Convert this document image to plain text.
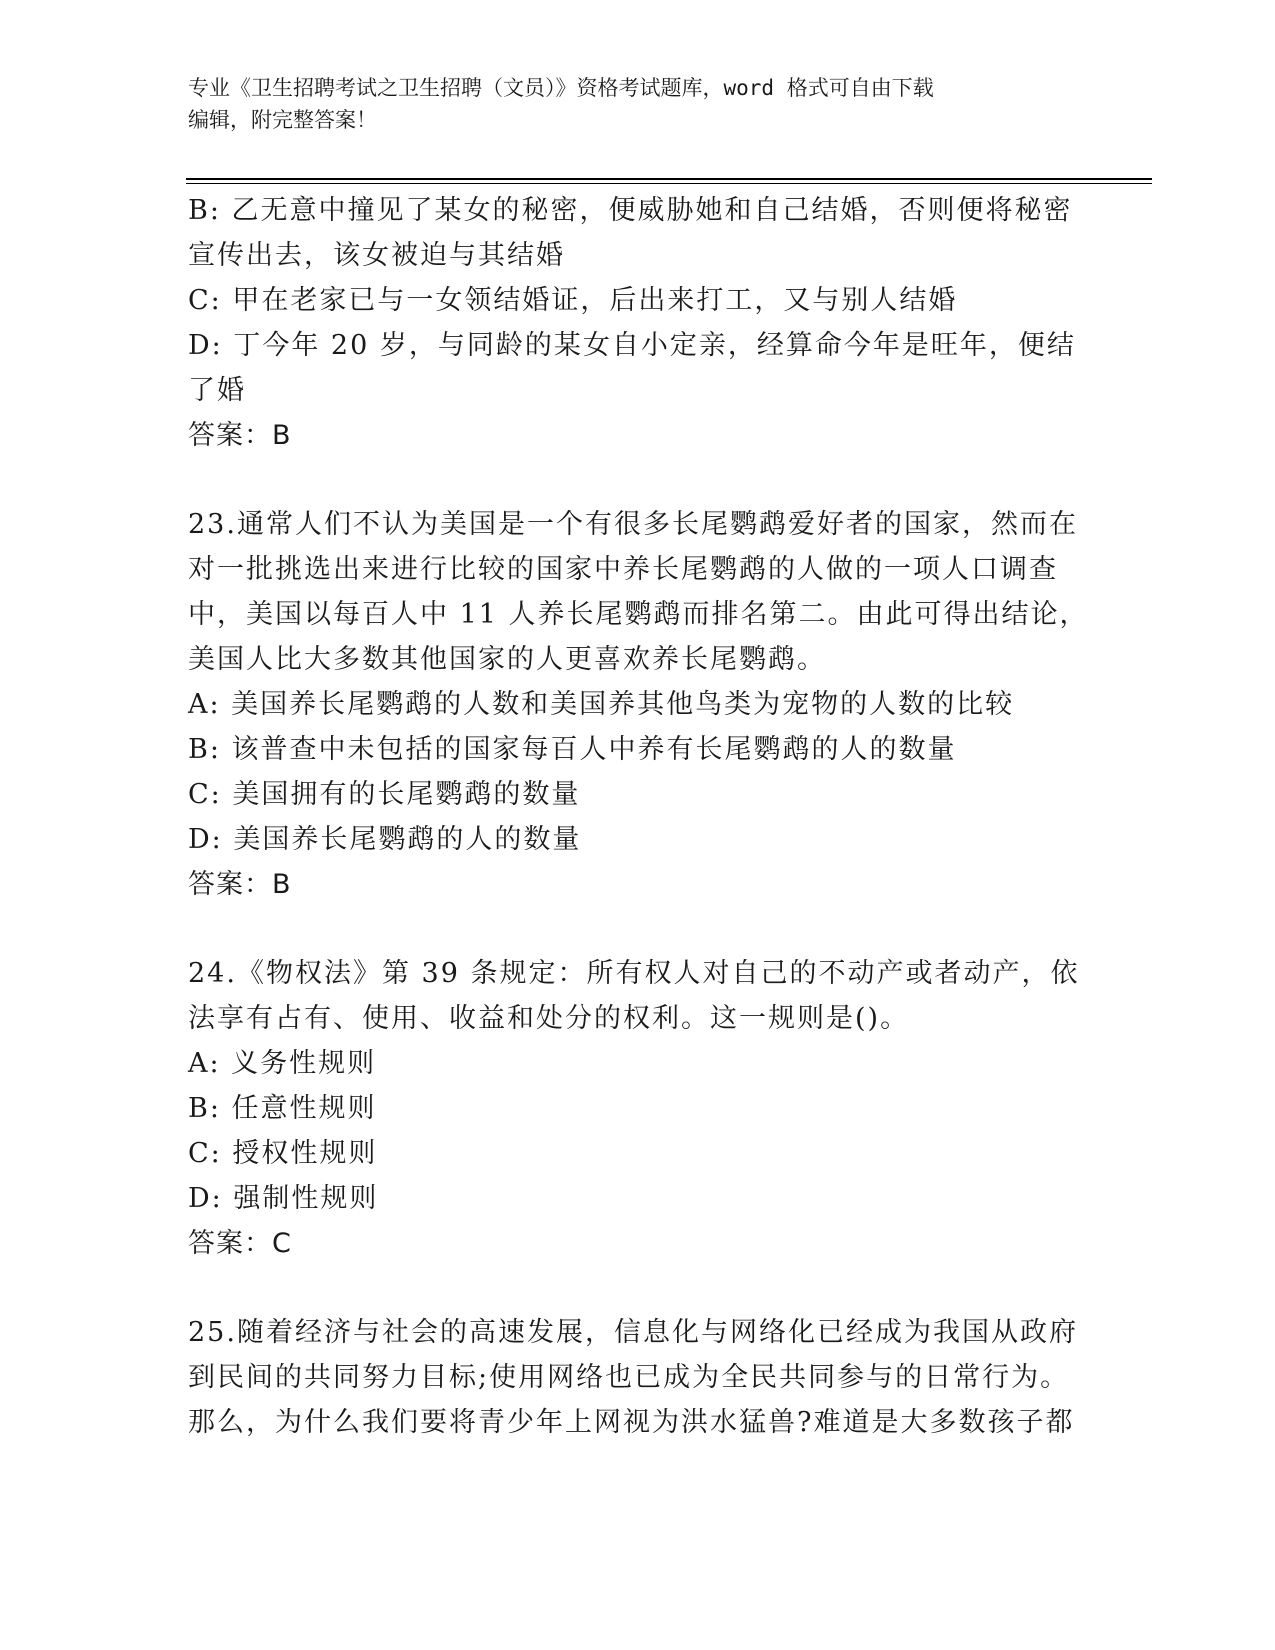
专业《卫生招聘考试之卫生招聘（文员）》资格考试题库，word 格式可自由下载
编辑，附完整答案！
B: 乙无意中撞见了某女的秘密，便威胁她和自己结婚，否则便将秘密
宣传出去，该女被迫与其结婚
C: 甲在老家已与一女领结婚证，后出来打工，又与别人结婚
D: 丁今年 20 岁，与同龄的某女自小定亲，经算命今年是旺年，便结
了婚
答案：B
23.通常人们不认为美国是一个有很多长尾鹦鹉爱好者的国家，然而在
对一批挑选出来进行比较的国家中养长尾鹦鹉的人做的一项人口调查
中，美国以每百人中 11 人养长尾鹦鹉而排名第二。由此可得出结论，
美国人比大多数其他国家的人更喜欢养长尾鹦鹉。
A: 美国养长尾鹦鹉的人数和美国养其他鸟类为宠物的人数的比较
B: 该普查中未包括的国家每百人中养有长尾鹦鹉的人的数量
C: 美国拥有的长尾鹦鹉的数量
D: 美国养长尾鹦鹉的人的数量
答案：B
24.《物权法》第 39 条规定：所有权人对自己的不动产或者动产，依
法享有占有、使用、收益和处分的权利。这一规则是()。
A: 义务性规则
B: 任意性规则
C: 授权性规则
D: 强制性规则
答案：C
25.随着经济与社会的高速发展，信息化与网络化已经成为我国从政府
到民间的共同努力目标;使用网络也已成为全民共同参与的日常行为。
那么，为什么我们要将青少年上网视为洪水猛兽?难道是大多数孩子都
